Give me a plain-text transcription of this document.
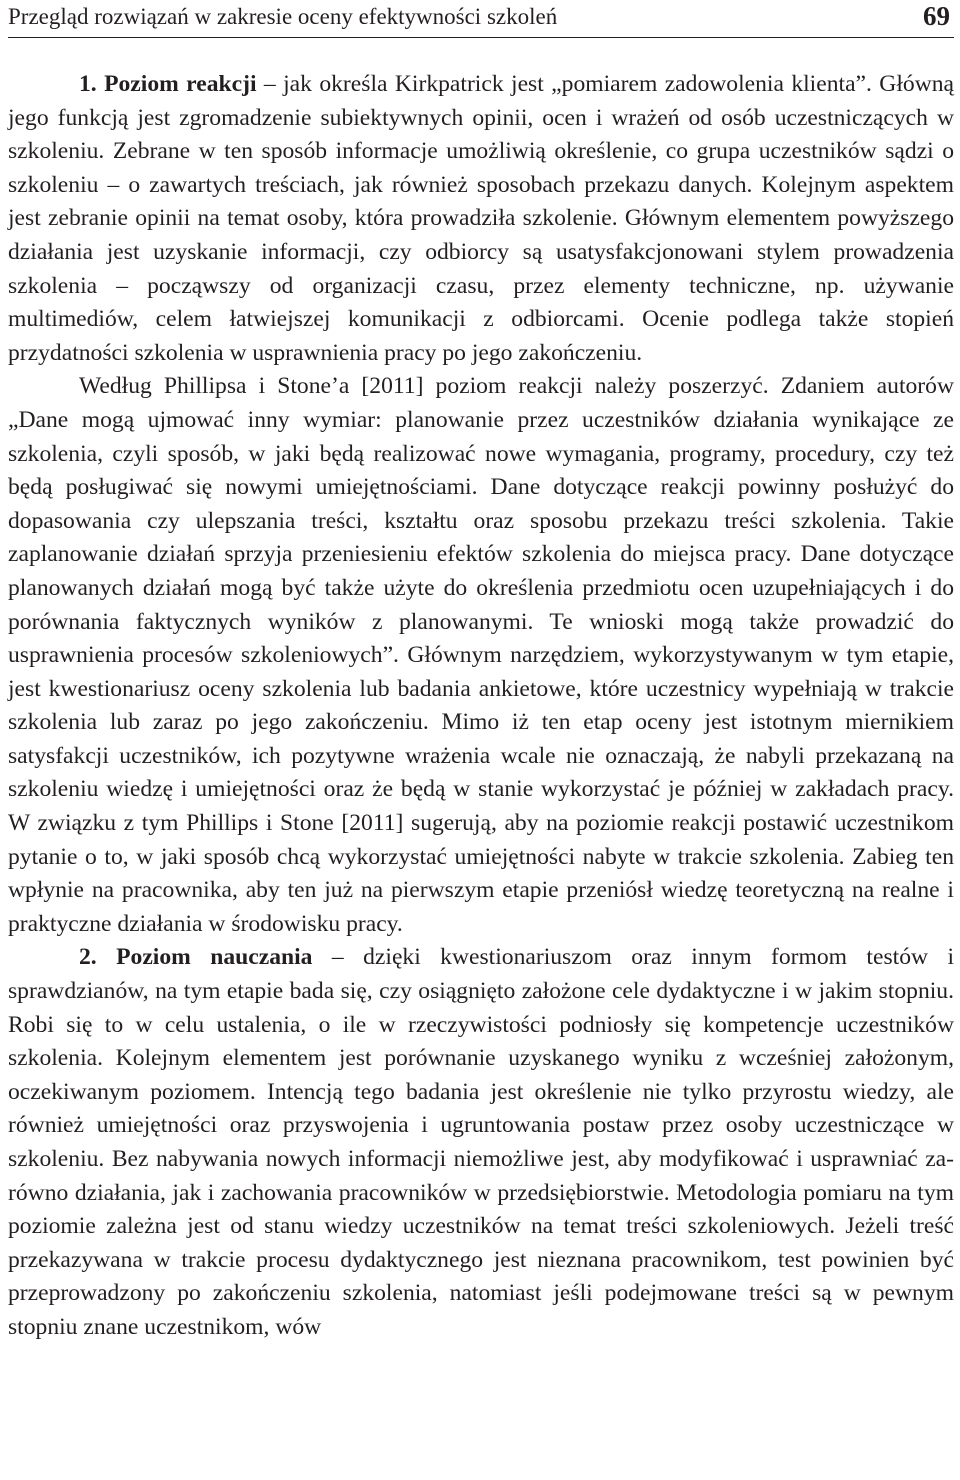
Przegląd rozwiązań w zakresie oceny efektywności szkoleń	69

1. Poziom reakcji – jak określa Kirkpatrick jest „pomiarem zadowolenia klienta”. Główną jego funkcją jest zgromadzenie subiektywnych opinii, ocen i wrażeń od osób uczestniczących w szkoleniu. Zebrane w ten sposób informacje umożliwią określenie, co grupa uczestników sądzi o szkoleniu – o zawartych treściach, jak również sposobach przekazu danych. Kolejnym aspektem jest zebranie opinii na temat osoby, która prowadziła szkolenie. Głównym elementem powyższego działania jest uzyskanie informacji, czy odbiorcy są usatysfakcjonowani stylem prowadzenia szkolenia – począwszy od organizacji czasu, przez elementy techniczne, np. używanie multimediów, celem łatwiejszej komunikacji z odbiorcami. Ocenie podlega także stopień przydatności szkolenia w usprawnienia pracy po jego zakończeniu.

Według Phillipsa i Stone’a [2011] poziom reakcji należy poszerzyć. Zdaniem autorów „Dane mogą ujmować inny wymiar: planowanie przez uczestników działania wynikające ze szkolenia, czyli sposób, w jaki będą realizować nowe wymagania, programy, procedury, czy też będą posługiwać się nowymi umiejętnościami. Dane dotyczące reakcji powinny posłużyć do dopasowania czy ulepszania treści, kształtu oraz sposobu przekazu treści szkolenia. Takie zaplanowanie działań sprzyja przeniesieniu efektów szkolenia do miejsca pracy. Dane dotyczące planowanych działań mogą być także użyte do określenia przedmiotu ocen uzupełniających i do porównania faktycznych wyników z planowanymi. Te wnioski mogą także prowadzić do usprawnienia procesów szkoleniowych”. Głównym narzędziem, wykorzystywanym w tym etapie, jest kwestionariusz oceny szkolenia lub badania ankietowe, które uczestnicy wypełniają w trakcie szkolenia lub zaraz po jego zakończeniu. Mimo iż ten etap oceny jest istotnym miernikiem satysfakcji uczestników, ich pozytywne wrażenia wcale nie oznaczają, że nabyli przekazaną na szkoleniu wiedzę i umiejętności oraz że będą w stanie wykorzystać je później w zakładach pracy. W związku z tym Phillips i Stone [2011] sugerują, aby na poziomie reakcji postawić uczestnikom pytanie o to, w jaki sposób chcą wykorzystać umiejętności nabyte w trakcie szkolenia. Zabieg ten wpłynie na pracownika, aby ten już na pierwszym etapie przeniósł wiedzę teoretyczną na realne i praktyczne działania w środowisku pracy.

2. Poziom nauczania – dzięki kwestionariuszom oraz innym formom testów i sprawdzianów, na tym etapie bada się, czy osiągnięto założone cele dydaktyczne i w jakim stopniu. Robi się to w celu ustalenia, o ile w rzeczywistości podniosły się kompetencje uczestników szkolenia. Kolejnym elementem jest porównanie uzyskanego wyniku z wcześniej założonym, oczekiwanym poziomem. Intencją tego badania jest określenie nie tylko przyrostu wiedzy, ale również umiejętności oraz przyswojenia i ugruntowania postaw przez osoby uczestniczące w szkoleniu. Bez nabywania nowych informacji niemożliwe jest, aby modyfikować i usprawniać zarówno działania, jak i zachowania pracowników w przedsiębiorstwie. Metodologia pomiaru na tym poziomie zależna jest od stanu wiedzy uczestników na temat treści szkoleniowych. Jeżeli treść przekazywana w trakcie procesu dydaktycznego jest nieznana pracownikom, test powinien być przeprowadzony po zakończeniu szkolenia, natomiast jeśli podejmowane treści są w pewnym stopniu znane uczestnikom, wów
